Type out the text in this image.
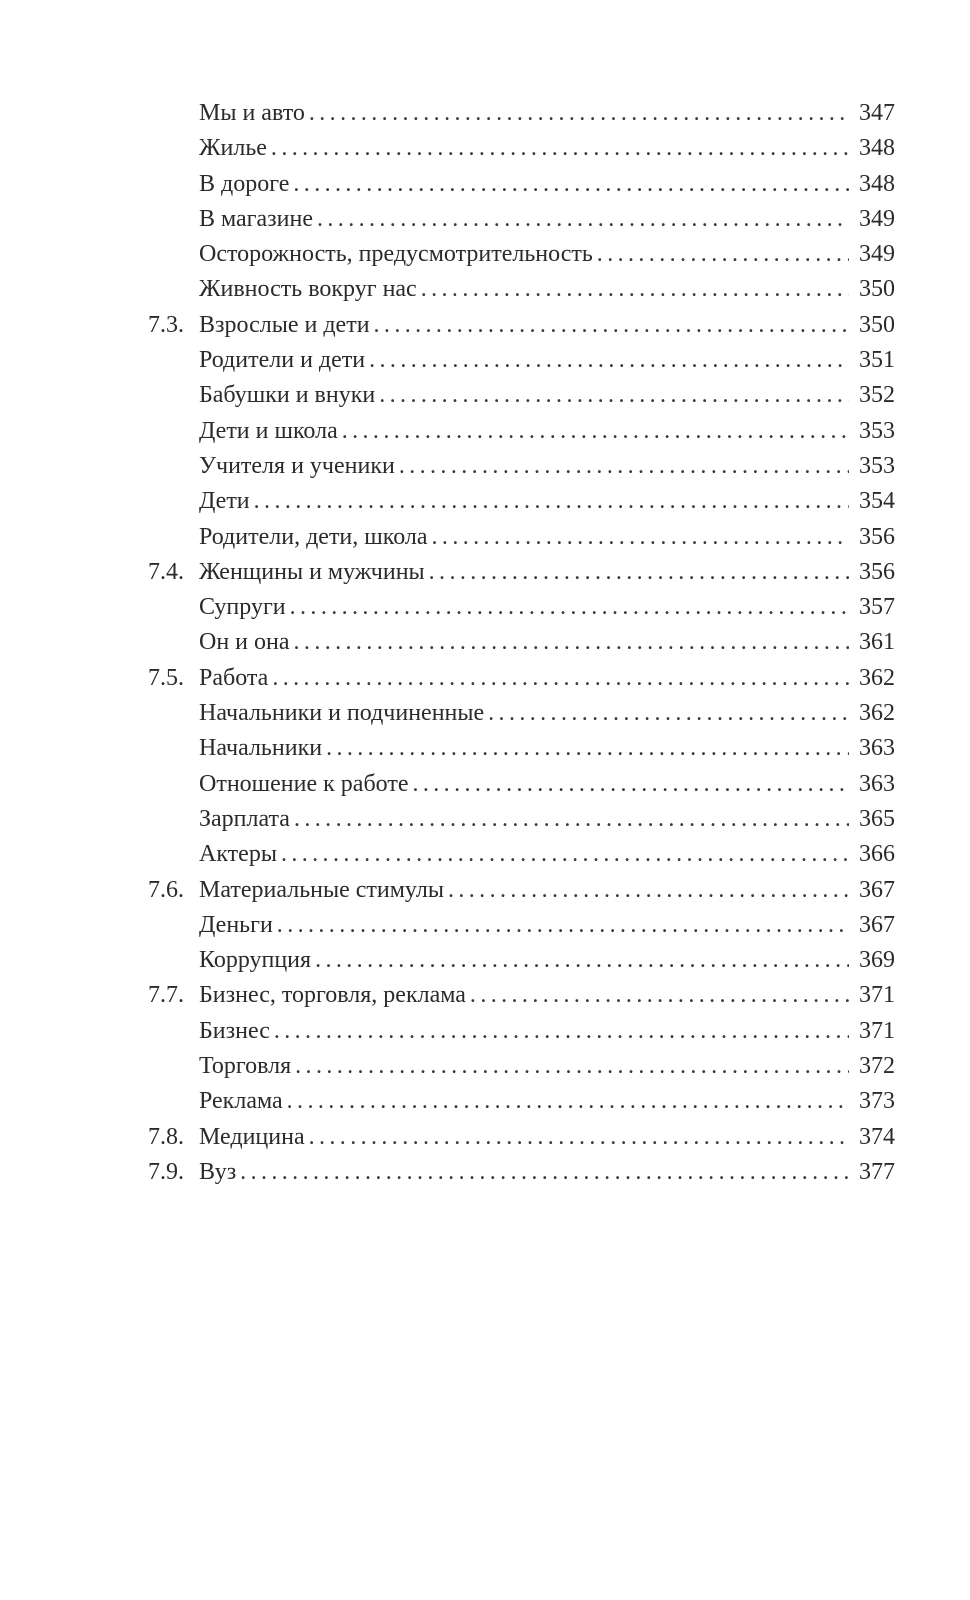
Мы и авто .....	347
Жилье .....	348
В дороге .....	348
В магазине .....	349
Осторожность, предусмотрительность .....	349
Живность вокруг нас .....	350
7.3. Взрослые и дети .....	350
Родители и дети .....	351
Бабушки и внуки .....	352
Дети и школа .....	353
Учителя и ученики .....	353
Дети .....	354
Родители, дети, школа .....	356
7.4. Женщины и мужчины .....	356
Супруги .....	357
Он и она .....	361
7.5. Работа .....	362
Начальники и подчиненные .....	362
Начальники .....	363
Отношение к работе .....	363
Зарплата .....	365
Актеры .....	366
7.6. Материальные стимулы .....	367
Деньги .....	367
Коррупция .....	369
7.7. Бизнес, торговля, реклама .....	371
Бизнес .....	371
Торговля .....	372
Реклама .....	373
7.8. Медицина .....	374
7.9. Вуз .....	377
